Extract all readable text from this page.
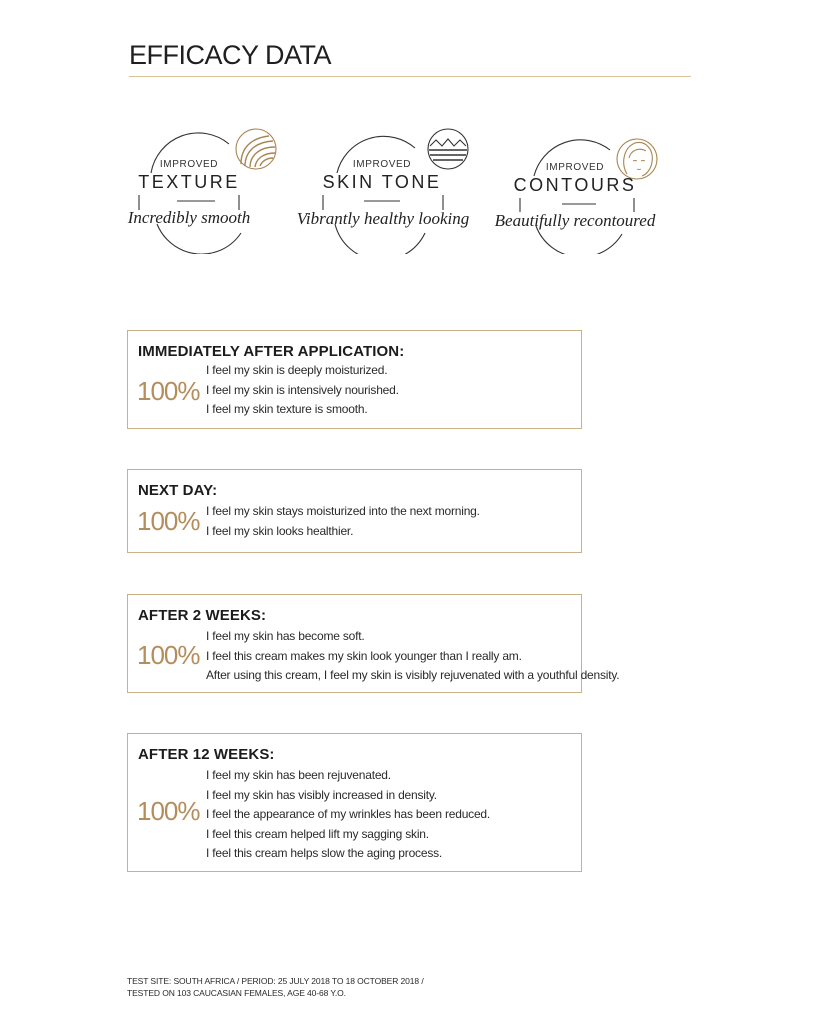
EFFICACY DATA
IMPROVED
TEXTURE
Incredibly smooth
IMPROVED
SKIN TONE
Vibrantly healthy looking
IMPROVED
CONTOURS
Beautifully recontoured
IMMEDIATELY AFTER APPLICATION:
100%
I feel my skin is deeply moisturized.
I feel my skin is intensively nourished.
I feel my skin texture is smooth.
NEXT DAY:
100% I feel my skin stays moisturized into the next morning.
I feel my skin looks healthier.
AFTER 2 WEEKS:
100%
I feel my skin has become soft.
I feel this cream makes my skin look younger than I really am.
After using this cream, I feel my skin is visibly rejuvenated with a youthful density.
AFTER 12 WEEKS:
100%
I feel my skin has been rejuvenated.
I feel my skin has visibly increased in density.
I feel the appearance of my wrinkles has been reduced.
I feel this cream helped lift my sagging skin.
I feel this cream helps slow the aging process.

TEST SITE: SOUTH AFRICA / PERIOD: 25 JULY 2018 TO 18 OCTOBER 2018 /
TESTED ON 103 CAUCASIAN FEMALES, AGE 40-68 Y.O.
